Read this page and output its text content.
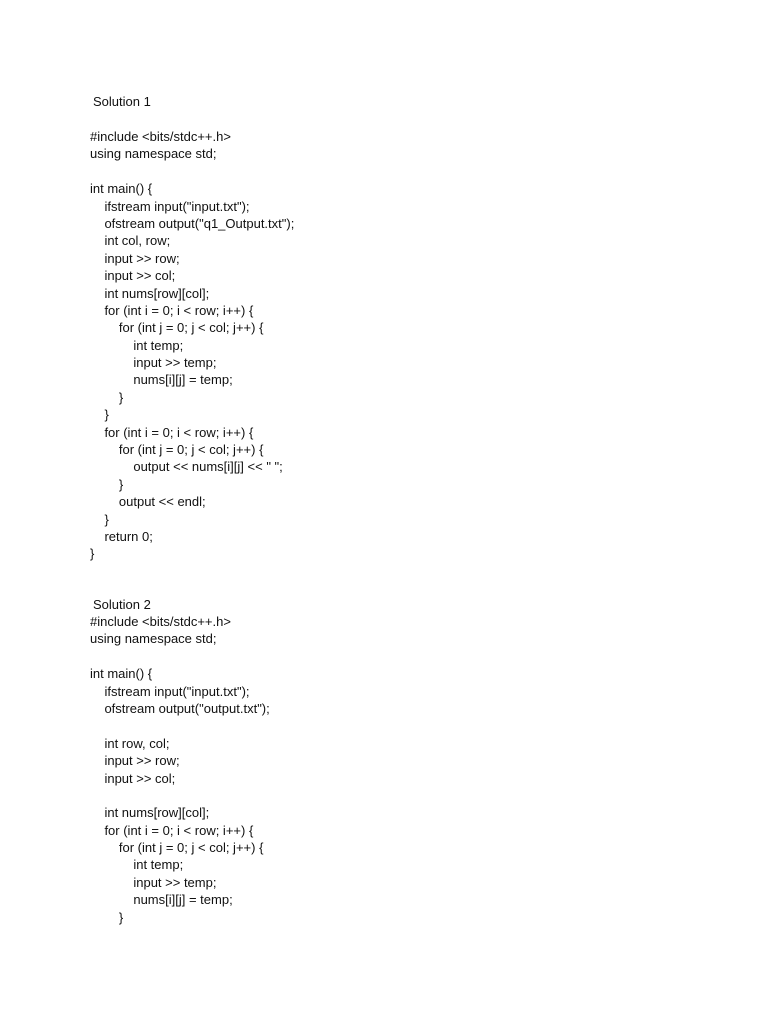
Solution 1
#include <bits/stdc++.h>
using namespace std;

int main() {
ifstream input("input.txt");
ofstream output("q1_Output.txt");
int col, row;
input >> row;
input >> col;
int nums[row][col];
for (int i = 0; i < row; i++) {
for (int j = 0; j < col; j++) {
int temp;
input >> temp;
nums[i][j] = temp;
}
}
for (int i = 0; i < row; i++) {
for (int j = 0; j < col; j++) {
output << nums[i][j] << " ";
}
output << endl;
}
return 0;
}
Solution 2
#include <bits/stdc++.h>
using namespace std;

int main() {
ifstream input("input.txt");
ofstream output("output.txt");

int row, col;
input >> row;
input >> col;

int nums[row][col];
for (int i = 0; i < row; i++) {
for (int j = 0; j < col; j++) {
int temp;
input >> temp;
nums[i][j] = temp;
}
